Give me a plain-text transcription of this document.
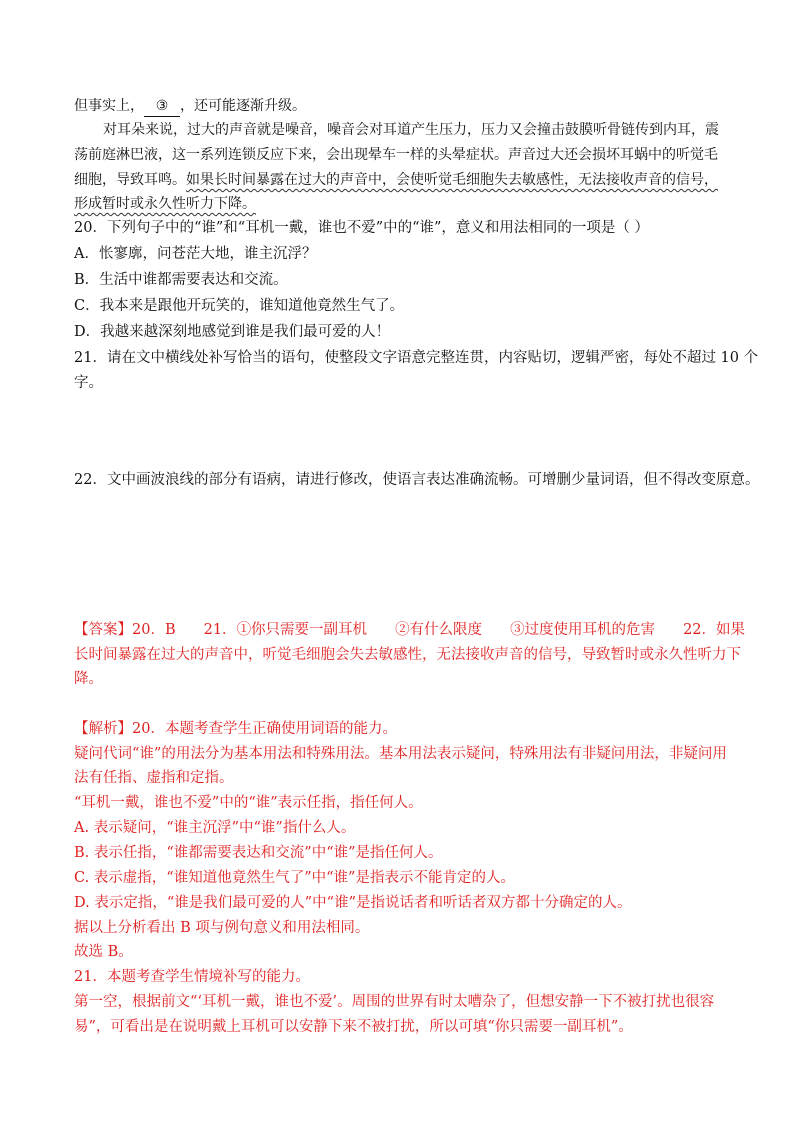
但事实上， ③ ，还可能逐渐升级。
对耳朵来说，过大的声音就是噪音，噪音会对耳道产生压力，压力又会撞击鼓膜听骨链传到内耳，震
荡前庭淋巴液，这一系列连锁反应下来，会出现晕车一样的头晕症状。声音过大还会损坏耳蜗中的听觉毛
细胞，导致耳鸣。如果长时间暴露在过大的声音中，会使听觉毛细胞失去敏感性，无法接收声音的信号，
形成暂时或永久性听力下降。
20．下列句子中的“谁”和“耳机一戴，谁也不爱”中的“谁”，意义和用法相同的一项是（ ）
A．怅寥廓，问苍茫大地，谁主沉浮？
B．生活中谁都需要表达和交流。
C．我本来是跟他开玩笑的，谁知道他竟然生气了。
D．我越来越深刻地感觉到谁是我们最可爱的人！
21．请在文中横线处补写恰当的语句，使整段文字语意完整连贯，内容贴切，逻辑严密，每处不超过 10 个
字。
22．文中画波浪线的部分有语病，请进行修改，使语言表达准确流畅。可增删少量词语，但不得改变原意。
【答案】20．B 21．①你只需要一副耳机 ②有什么限度 ③过度使用耳机的危害 22．如果
长时间暴露在过大的声音中，听觉毛细胞会失去敏感性，无法接收声音的信号，导致暂时或永久性听力下
降。
【解析】20．本题考查学生正确使用词语的能力。
疑问代词“谁”的用法分为基本用法和特殊用法。基本用法表示疑问，特殊用法有非疑问用法，非疑问用
法有任指、虚指和定指。
“耳机一戴，谁也不爱”中的“谁”表示任指，指任何人。
A. 表示疑问，“谁主沉浮”中“谁”指什么人。
B. 表示任指，“谁都需要表达和交流”中“谁”是指任何人。
C. 表示虚指，“谁知道他竟然生气了”中“谁”是指表示不能肯定的人。
D. 表示定指，“谁是我们最可爱的人”中“谁”是指说话者和听话者双方都十分确定的人。
据以上分析看出 B 项与例句意义和用法相同。
故选 B。
21．本题考查学生情境补写的能力。
第一空，根据前文“‘耳机一戴，谁也不爱’。周围的世界有时太嘈杂了，但想安静一下不被打扰也很容
易”，可看出是在说明戴上耳机可以安静下来不被打扰，所以可填“你只需要一副耳机”。
